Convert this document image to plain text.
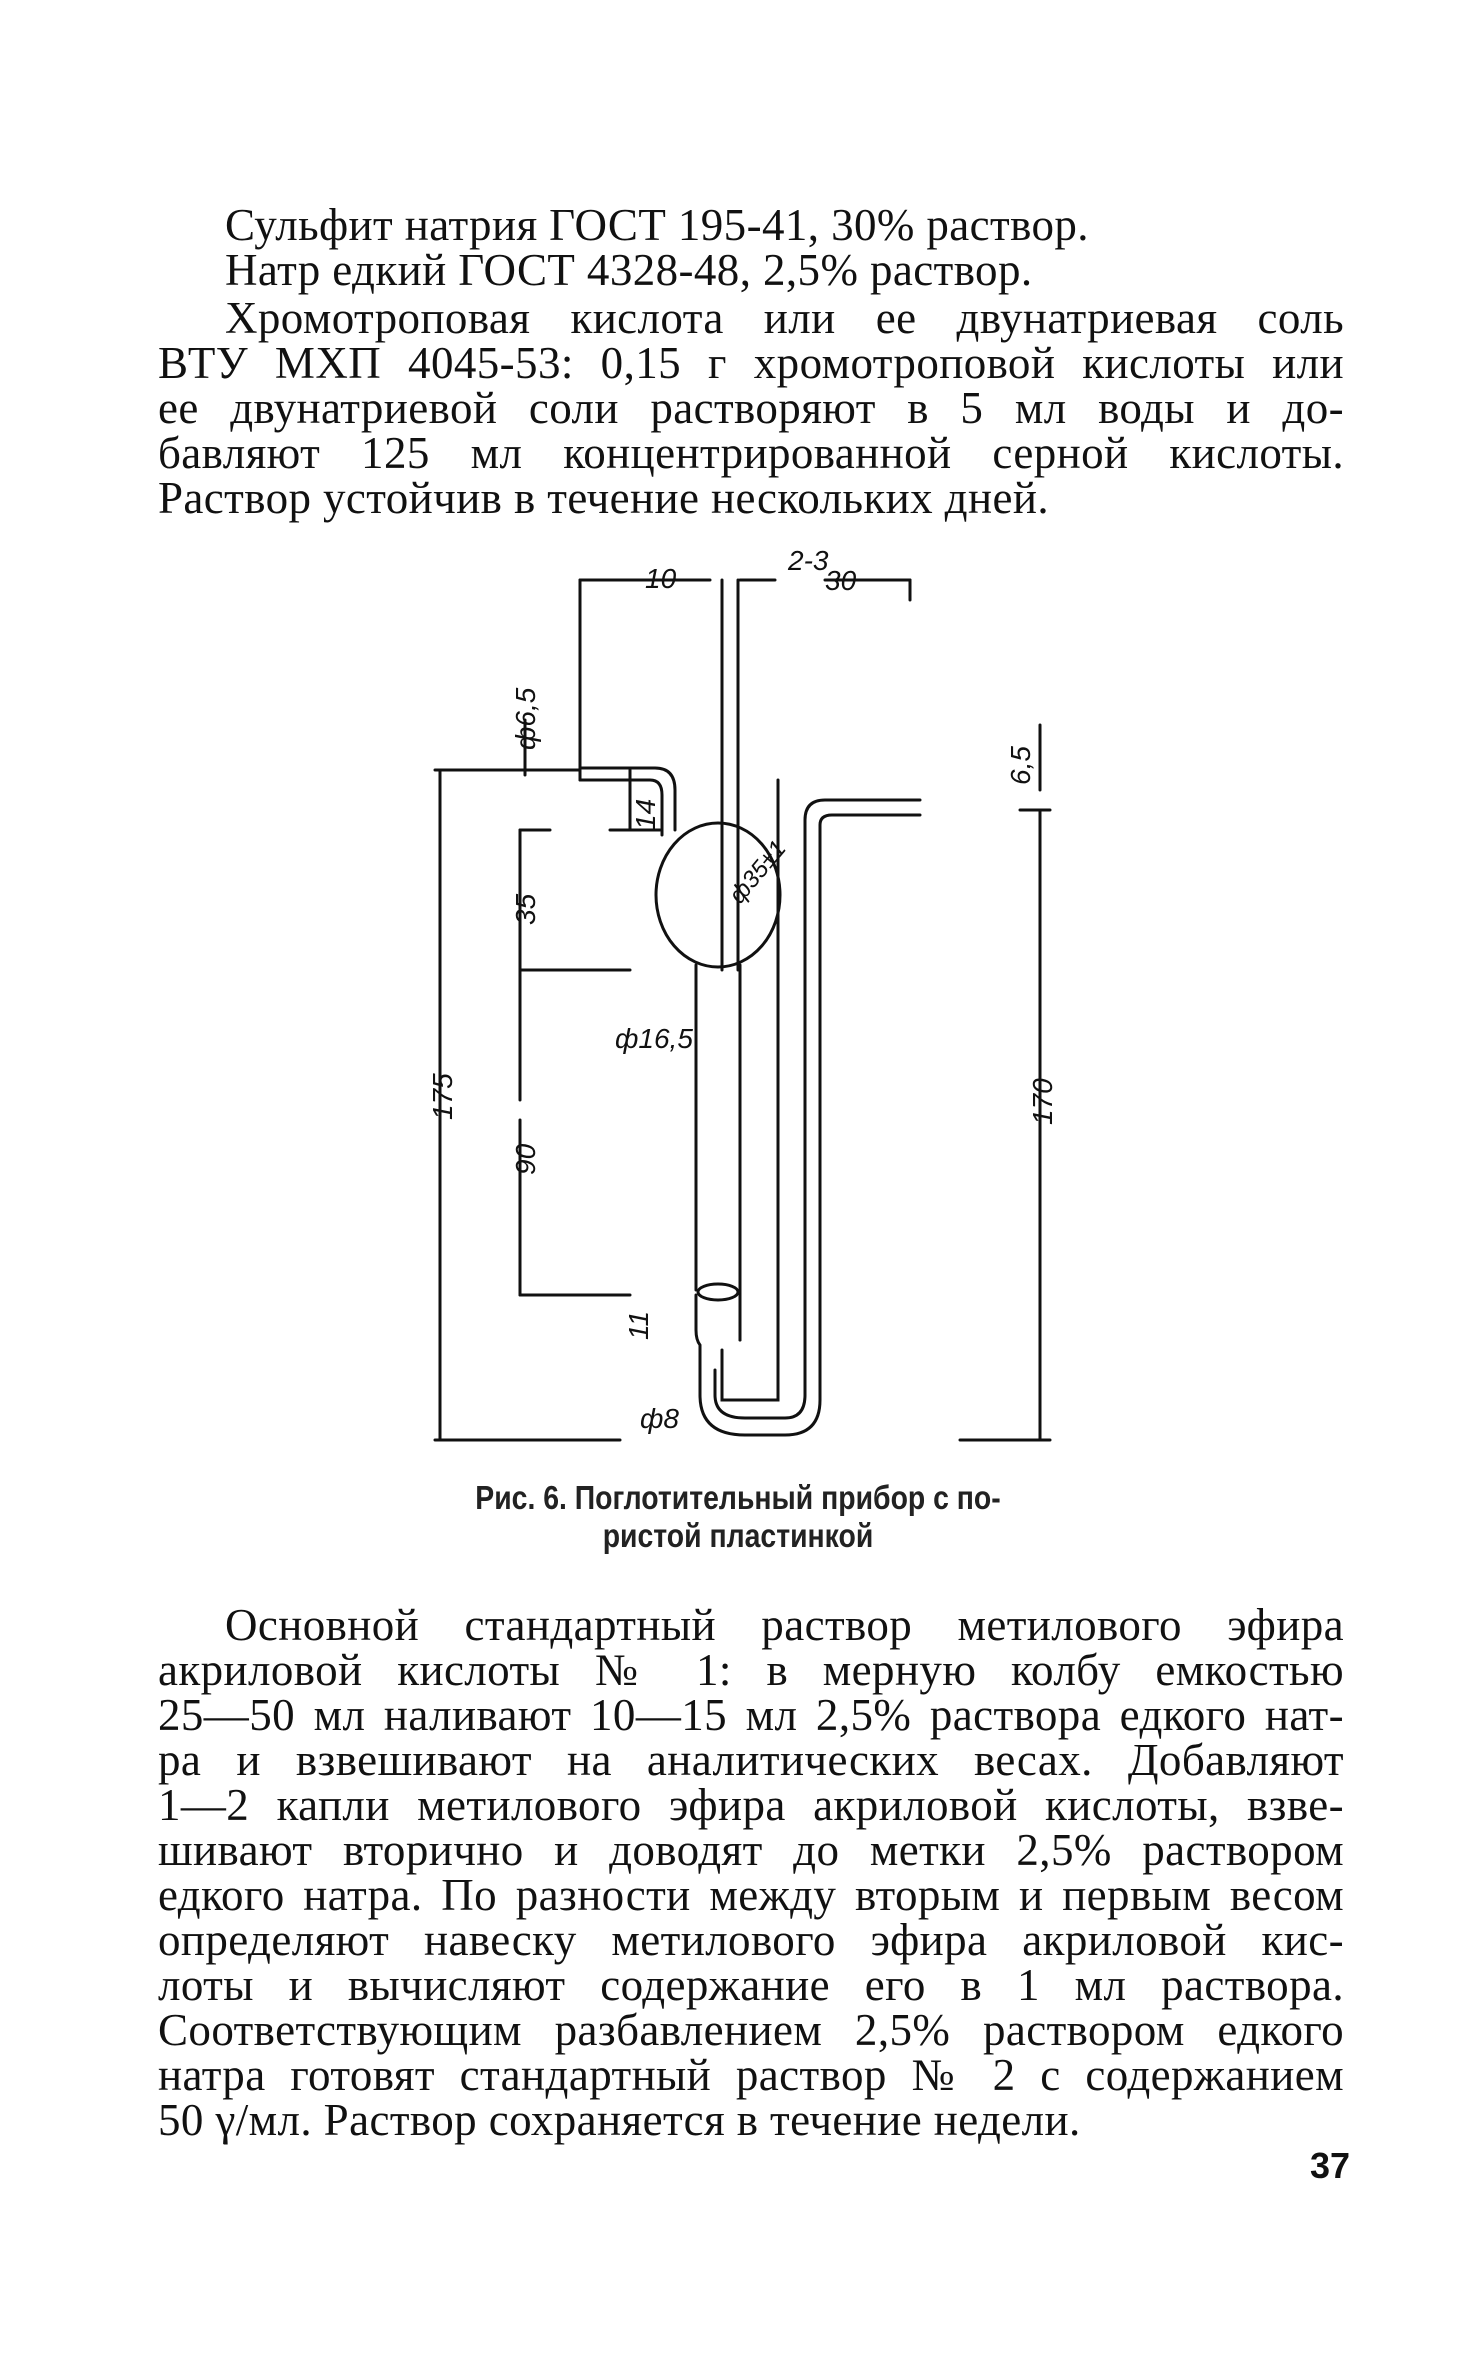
Сульфит натрия ГОСТ 195-41, 30% раствор.
Натр едкий ГОСТ 4328-48, 2,5% раствор.
Хромотроповая кислота или ее двунатриевая соль
ВТУ МХП 4045-53: 0,15 г хромотроповой кислоты или
ее двунатриевой соли растворяют в 5 мл воды и до-
бавляют 125 мл концентрированной серной кислоты.
Раствор устойчив в течение нескольких дней.
10
2-3
30
ф6,5
6,5
14
ф35±1
35
175
ф16,5
170
90
11
ф8
Рис. 6. Поглотительный прибор с по-
ристой пластинкой
Основной стандартный раствор метилового эфира
акриловой кислоты № 1: в мерную колбу емкостью
25—50 мл наливают 10—15 мл 2,5% раствора едкого нат-
ра и взвешивают на аналитических весах. Добавляют
1—2 капли метилового эфира акриловой кислоты, взве-
шивают вторично и доводят до метки 2,5% раствором
едкого натра. По разности между вторым и первым весом
определяют навеску метилового эфира акриловой кис-
лоты и вычисляют содержание его в 1 мл раствора.
Соответствующим разбавлением 2,5% раствором едкого
натра готовят стандартный раствор № 2 с содержанием
50 γ/мл. Раствор сохраняется в течение недели.
37
